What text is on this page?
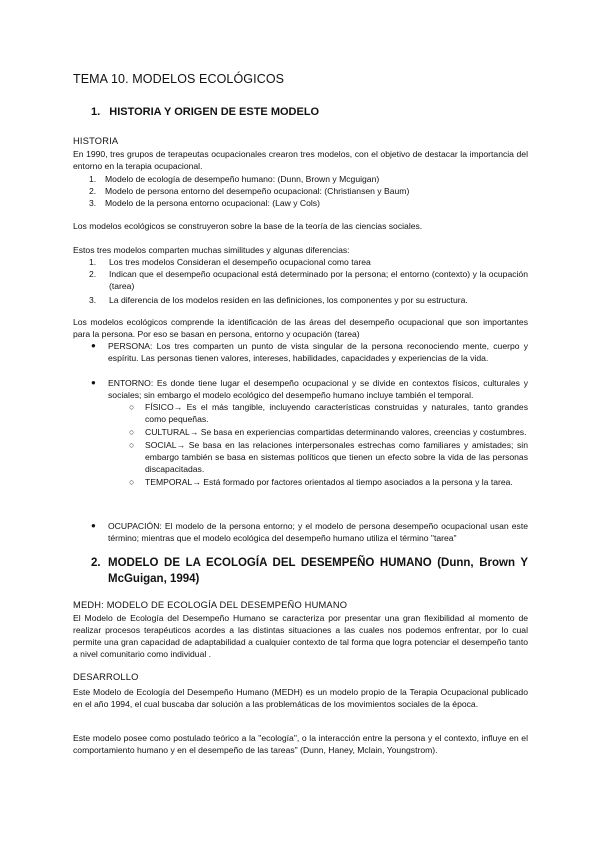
TEMA 10. MODELOS ECOLÓGICOS
1. HISTORIA Y ORIGEN DE ESTE MODELO
HISTORIA
En 1990, tres grupos de terapeutas ocupacionales crearon tres modelos, con el objetivo de destacar la importancia del entorno en la terapia ocupacional.
1. Modelo de ecología de desempeño humano: (Dunn, Brown y Mcguigan)
2. Modelo de persona entorno del desempeño ocupacional: (Christiansen y Baum)
3. Modelo de la persona entorno ocupacional: (Law y Cols)
Los modelos ecológicos se construyeron sobre la base de la teoría de las ciencias sociales.
Estos tres modelos comparten muchas similitudes y algunas diferencias:
1. Los tres modelos Consideran el desempeño ocupacional como tarea
2. Indican que el desempeño ocupacional está determinado por la persona; el entorno (contexto) y la ocupación (tarea)
3. La diferencia de los modelos residen en las definiciones, los componentes y por su estructura.
Los modelos ecológicos comprende la identificación de las áreas del desempeño ocupacional que son importantes para la persona. Por eso se basan en persona, entorno y ocupación (tarea)
● PERSONA: Los tres comparten un punto de vista singular de la persona reconociendo mente, cuerpo y espíritu. Las personas tienen valores, intereses, habilidades, capacidades y experiencias de la vida.
● ENTORNO: Es donde tiene lugar el desempeño ocupacional y se divide en contextos físicos, culturales y sociales; sin embargo el modelo ecológico del desempeño humano incluye también el temporal.
○ FÍSICO→ Es el más tangible, incluyendo características construidas y naturales, tanto grandes como pequeñas.
○ CULTURAL→ Se basa en experiencias compartidas determinando valores, creencias y costumbres.
○ SOCIAL→ Se basa en las relaciones interpersonales estrechas como familiares y amistades; sin embargo también se basa en sistemas políticos que tienen un efecto sobre la vida de las personas discapacitadas.
○ TEMPORAL→ Está formado por factores orientados al tiempo asociados a la persona y la tarea.
● OCUPACIÓN: El modelo de la persona entorno; y el modelo de persona desempeño ocupacional usan este término; mientras que el modelo ecológica del desempeño humano utiliza el término "tarea"
2. MODELO DE LA ECOLOGÍA DEL DESEMPEÑO HUMANO (Dunn, Brown Y McGuigan, 1994)
MEDH: MODELO DE ECOLOGÍA DEL DESEMPEÑO HUMANO
El Modelo de Ecología del Desempeño Humano se caracteriza por presentar una gran flexibilidad al momento de realizar procesos terapéuticos acordes a las distintas situaciones a las cuales nos podemos enfrentar, por lo cual permite una gran capacidad de adaptabilidad a cualquier contexto de tal forma que logra potenciar el desempeño tanto a nivel comunitario como individual .
DESARROLLO
Este Modelo de Ecología del Desempeño Humano (MEDH) es un modelo propio de la Terapia Ocupacional publicado en el año 1994, el cual buscaba dar solución a las problemáticas de los movimientos sociales de la época.
Este modelo posee como postulado teórico a la "ecología", o la interacción entre la persona y el contexto, influye en el comportamiento humano y en el desempeño de las tareas" (Dunn, Haney, Mclain, Youngstrom).
